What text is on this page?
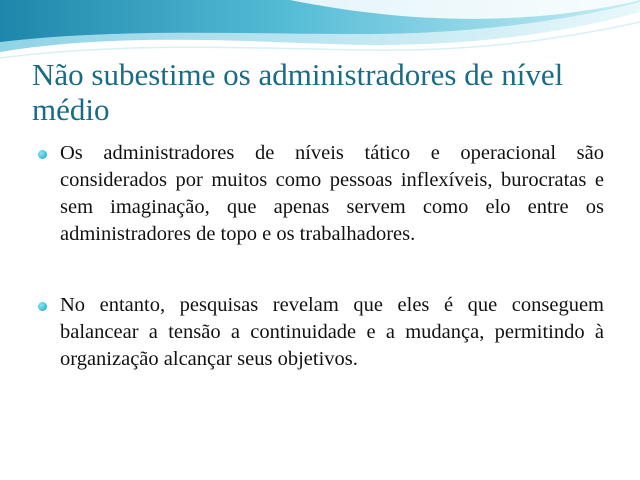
Não subestime os administradores de nível médio
Os administradores de níveis tático e operacional são considerados por muitos como pessoas inflexíveis, burocratas e sem imaginação, que apenas servem como elo entre os administradores de topo e os trabalhadores.
No entanto, pesquisas revelam que eles é que conseguem balancear a tensão a continuidade e a mudança, permitindo à organização alcançar seus objetivos.
